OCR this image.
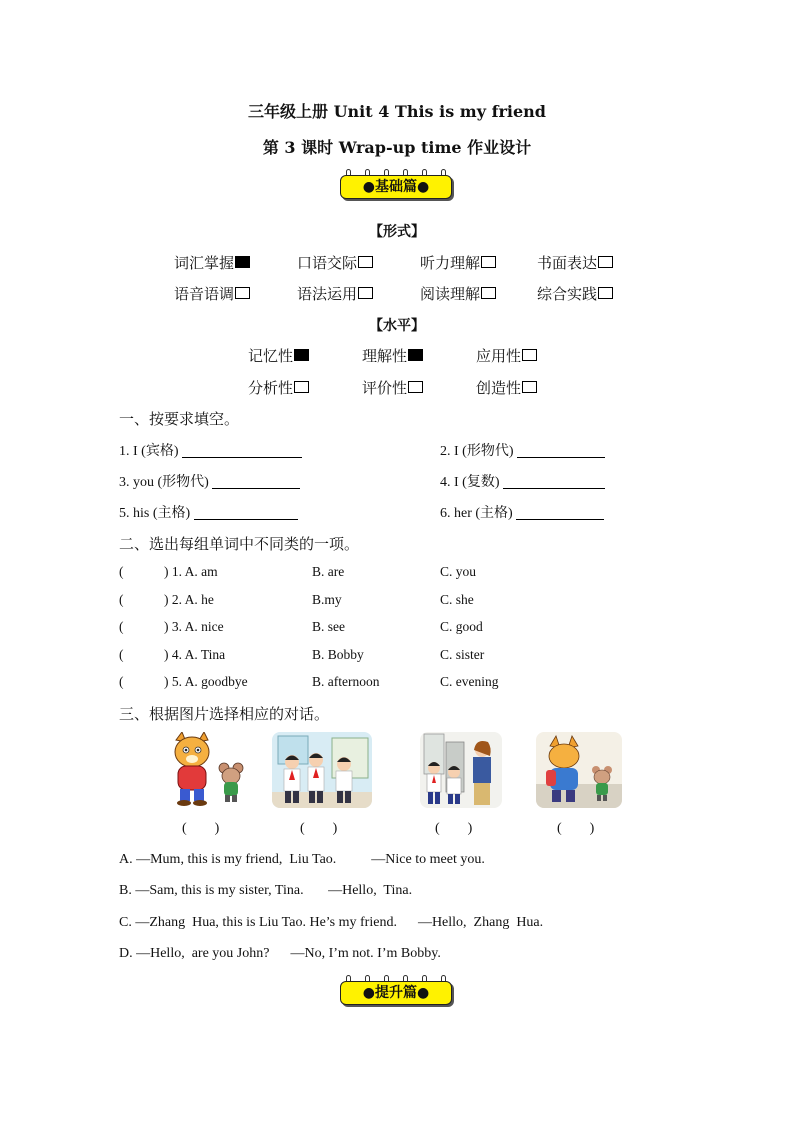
三年级上册 Unit 4 This is my friend
第 3 课时 Wrap-up time 作业设计
●基础篇●
【形式】
词汇掌握	口语交际	听力理解	书面表达
语音语调	语法运用	阅读理解	综合实践
【水平】
记忆性	理解性	应用性
分析性	评价性	创造性
一、按要求填空。
1. I (宾格)	2. I (形物代)
3. you (形物代)	4. I (复数)
5. his (主格)	6. her (主格)
二、选出每组单词中不同类的一项。
(	) 1. A. am	B. are	C. you
(	) 2. A. he	B.my	C. she
(	) 3. A. nice	B. see	C. good
(	) 4. A. Tina	B. Bobby	C. sister
(	) 5. A. goodbye	B. afternoon	C. evening
三、根据图片选择相应的对话。
(　　)	(　　)	(　　)	(　　)
A. —Mum, this is my friend,  Liu Tao.          —Nice to meet you.
B. —Sam, this is my sister, Tina.       —Hello,  Tina.
C. —Zhang  Hua, this is Liu Tao. He’s my friend.      —Hello,  Zhang  Hua.
D. —Hello,  are you John?      —No, I’m not. I’m Bobby.
●提升篇●
